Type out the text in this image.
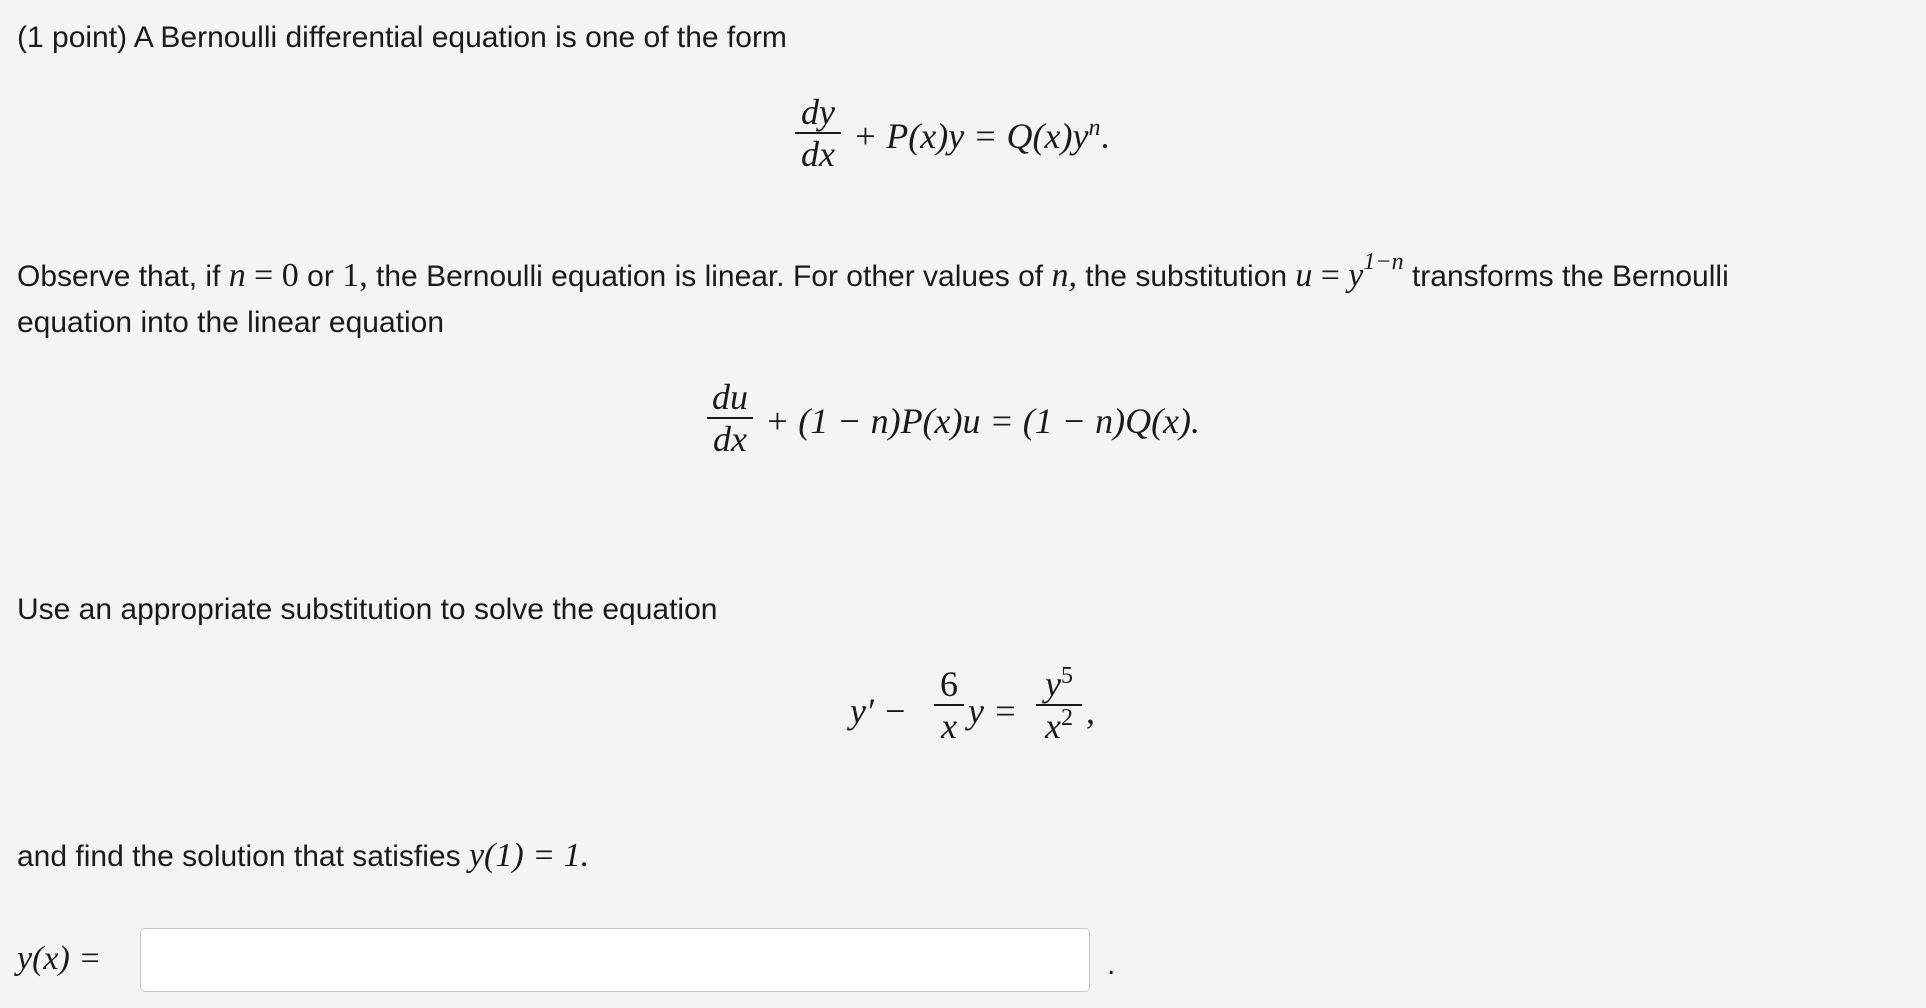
(1 point) A Bernoulli differential equation is one of the form
dy
dx + $P(x)y = Q(x)y^n$.
Observe that, if n = 0 or 1, the Bernoulli equation is linear. For other values of n, the substitution $u = y^{1-n}$ transforms the Bernoulli
equation into the linear equation
du
dx + (1 − n)P(x)u = (1 − n)Q(x).
Use an appropriate substitution to solve the equation
y′ −
6
x y =
$y^5$
$x^2$ ,
and find the solution that satisfies y(1) = 1.
y(x) =	.
